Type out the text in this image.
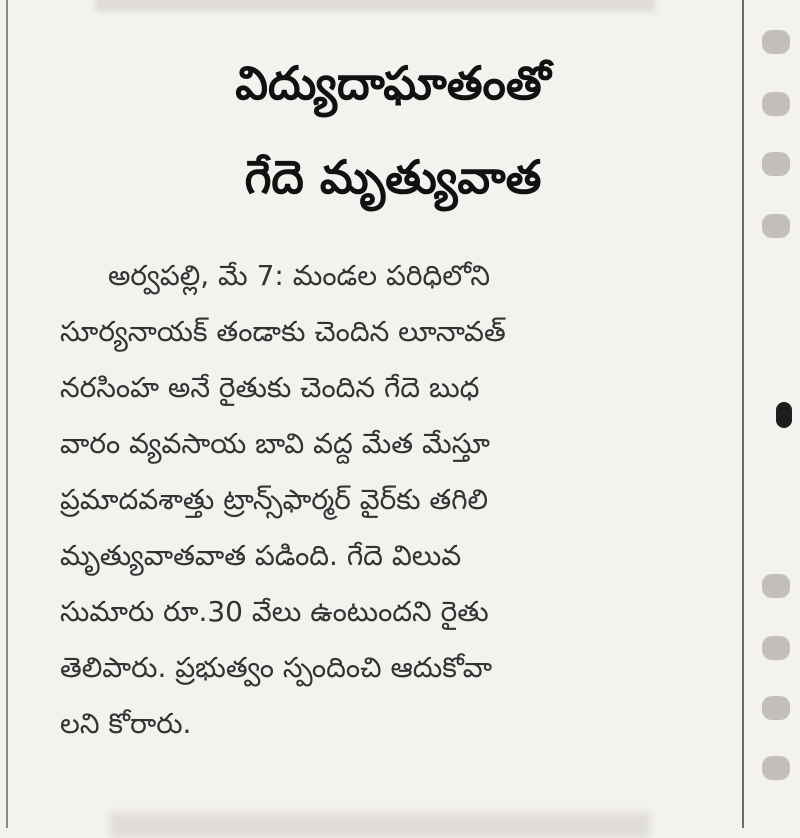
విద్యుదాఘాతంతో
గేదె మృత్యువాత
అర్వపల్లి, మే 7: మండల పరిధిలోని
సూర్యనాయక్ తండాకు చెందిన లూనావత్
నరసింహ అనే రైతుకు చెందిన గేదె బుధ
వారం వ్యవసాయ బావి వద్ద మేత మేస్తూ
ప్రమాదవశాత్తు ట్రాన్స్‌ఫార్మర్ వైర్‌కు తగిలి
మృత్యువాతవాత పడింది. గేదె విలువ
సుమారు రూ.30 వేలు ఉంటుందని రైతు
తెలిపారు. ప్రభుత్వం స్పందించి ఆదుకోవా
లని కోరారు.
